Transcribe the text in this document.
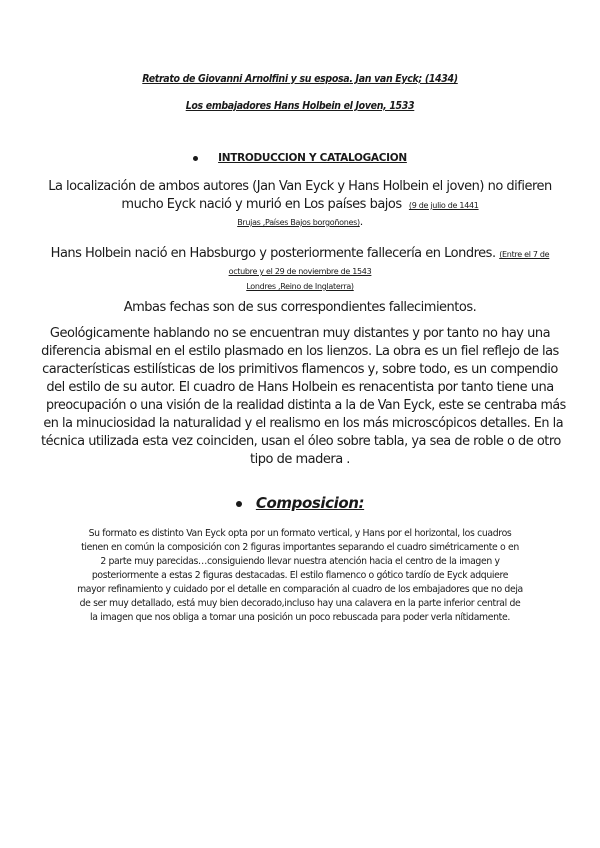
Retrato de Giovanni Arnolfini y su esposa. Jan van Eyck; (1434)
Los embajadores Hans Holbein el Joven, 1533
INTRODUCCION Y CATALOGACION
La localización de ambos autores (Jan Van Eyck y Hans Holbein el joven) no difieren
mucho Eyck nació y murió en Los países bajos (9 de julio de 1441
Brujas ,Países Bajos borgoñones).
Hans Holbein nació en Habsburgo y posteriormente fallecería en Londres. (Entre el 7 de
octubre y el 29 de noviembre de 1543
Londres ,Reino de Inglaterra)
Ambas fechas son de sus correspondientes fallecimientos.
Geológicamente hablando no se encuentran muy distantes y por tanto no hay una
diferencia abismal en el estilo plasmado en los lienzos. La obra es un fiel reflejo de las
características estilísticas de los primitivos flamencos y, sobre todo, es un compendio
del estilo de su autor. El cuadro de Hans Holbein es renacentista por tanto tiene una
preocupación o una visión de la realidad distinta a la de Van Eyck, este se centraba más
en la minuciosidad la naturalidad y el realismo en los más microscópicos detalles. En la
técnica utilizada esta vez coinciden, usan el óleo sobre tabla, ya sea de roble o de otro
tipo de madera .
Composicion:
Su formato es distinto Van Eyck opta por un formato vertical, y Hans por el horizontal, los cuadros
tienen en común la composición con 2 figuras importantes separando el cuadro simétricamente o en
2 parte muy parecidas…consiguiendo llevar nuestra atención hacia el centro de la imagen y
posteriormente a estas 2 figuras destacadas. El estilo flamenco o gótico tardío de Eyck adquiere
mayor refinamiento y cuidado por el detalle en comparación al cuadro de los embajadores que no deja
de ser muy detallado, está muy bien decorado,incluso hay una calavera en la parte inferior central de
la imagen que nos obliga a tomar una posición un poco rebuscada para poder verla nítidamente.
